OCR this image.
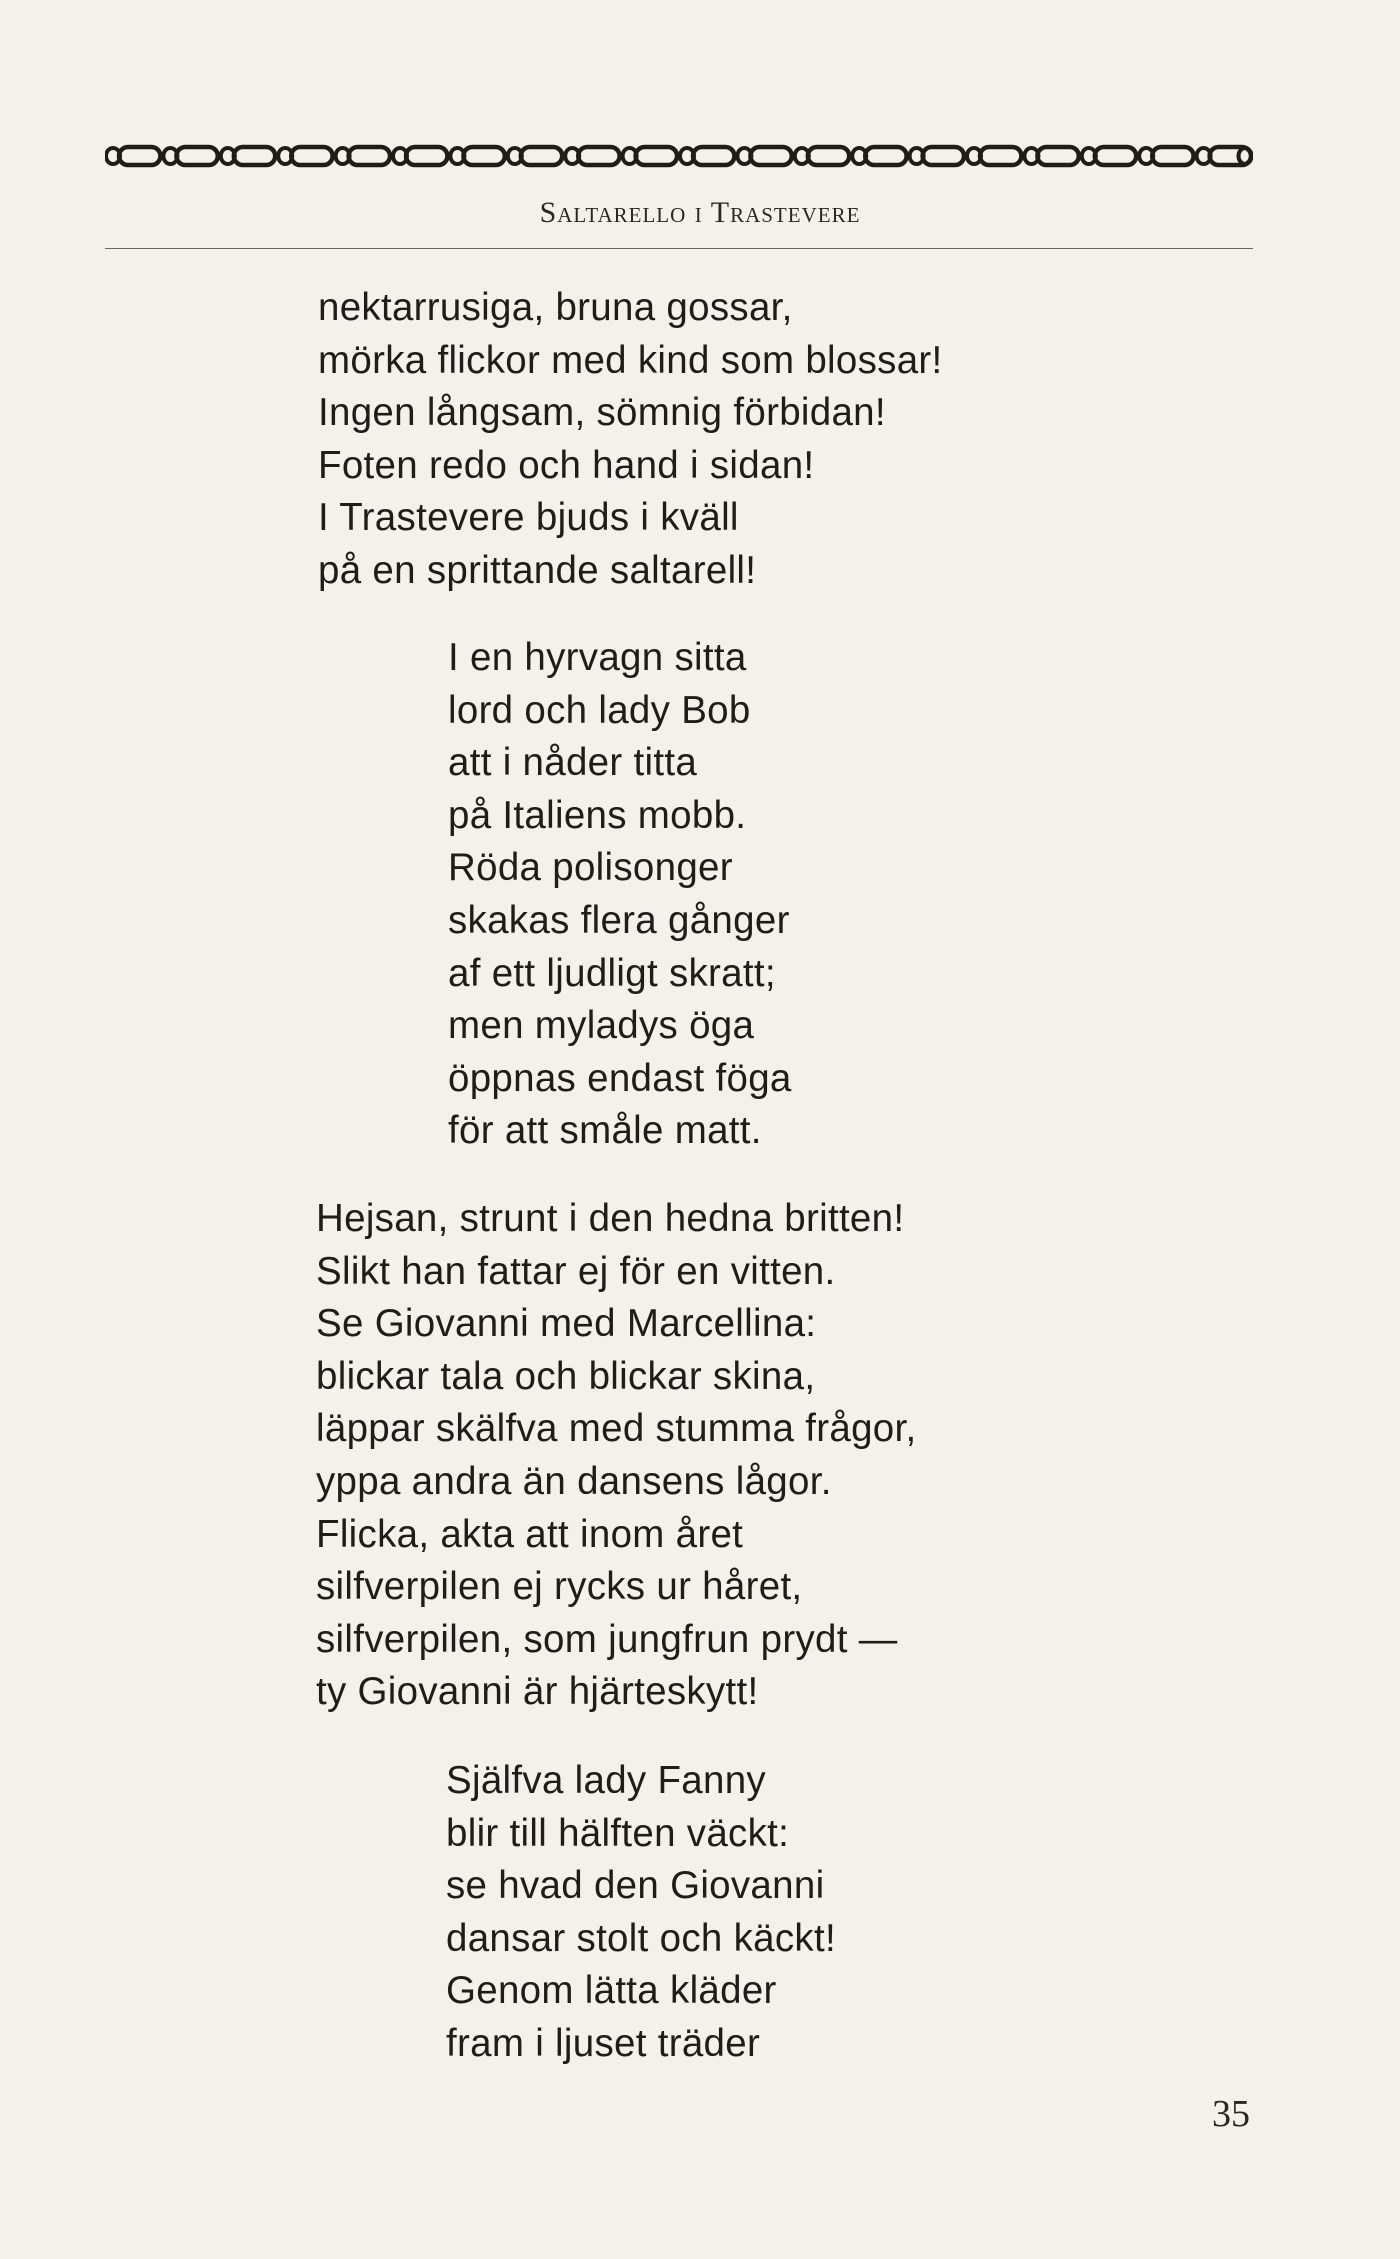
Saltarello i Trastevere
nektarrusiga, bruna gossar,
mörka flickor med kind som blossar!
Ingen långsam, sömnig förbidan!
Foten redo och hand i sidan!
I Trastevere bjuds i kväll
på en sprittande saltarell!
I en hyrvagn sitta
lord och lady Bob
att i nåder titta
på Italiens mobb.
Röda polisonger
skakas flera gånger
af ett ljudligt skratt;
men myladys öga
öppnas endast föga
för att småle matt.
Hejsan, strunt i den hedna britten!
Slikt han fattar ej för en vitten.
Se Giovanni med Marcellina:
blickar tala och blickar skina,
läppar skälfva med stumma frågor,
yppa andra än dansens lågor.
Flicka, akta att inom året
silfverpilen ej rycks ur håret,
silfverpilen, som jungfrun prydt —
ty Giovanni är hjärteskytt!
Själfva lady Fanny
blir till hälften väckt:
se hvad den Giovanni
dansar stolt och käckt!
Genom lätta kläder
fram i ljuset träder
35
